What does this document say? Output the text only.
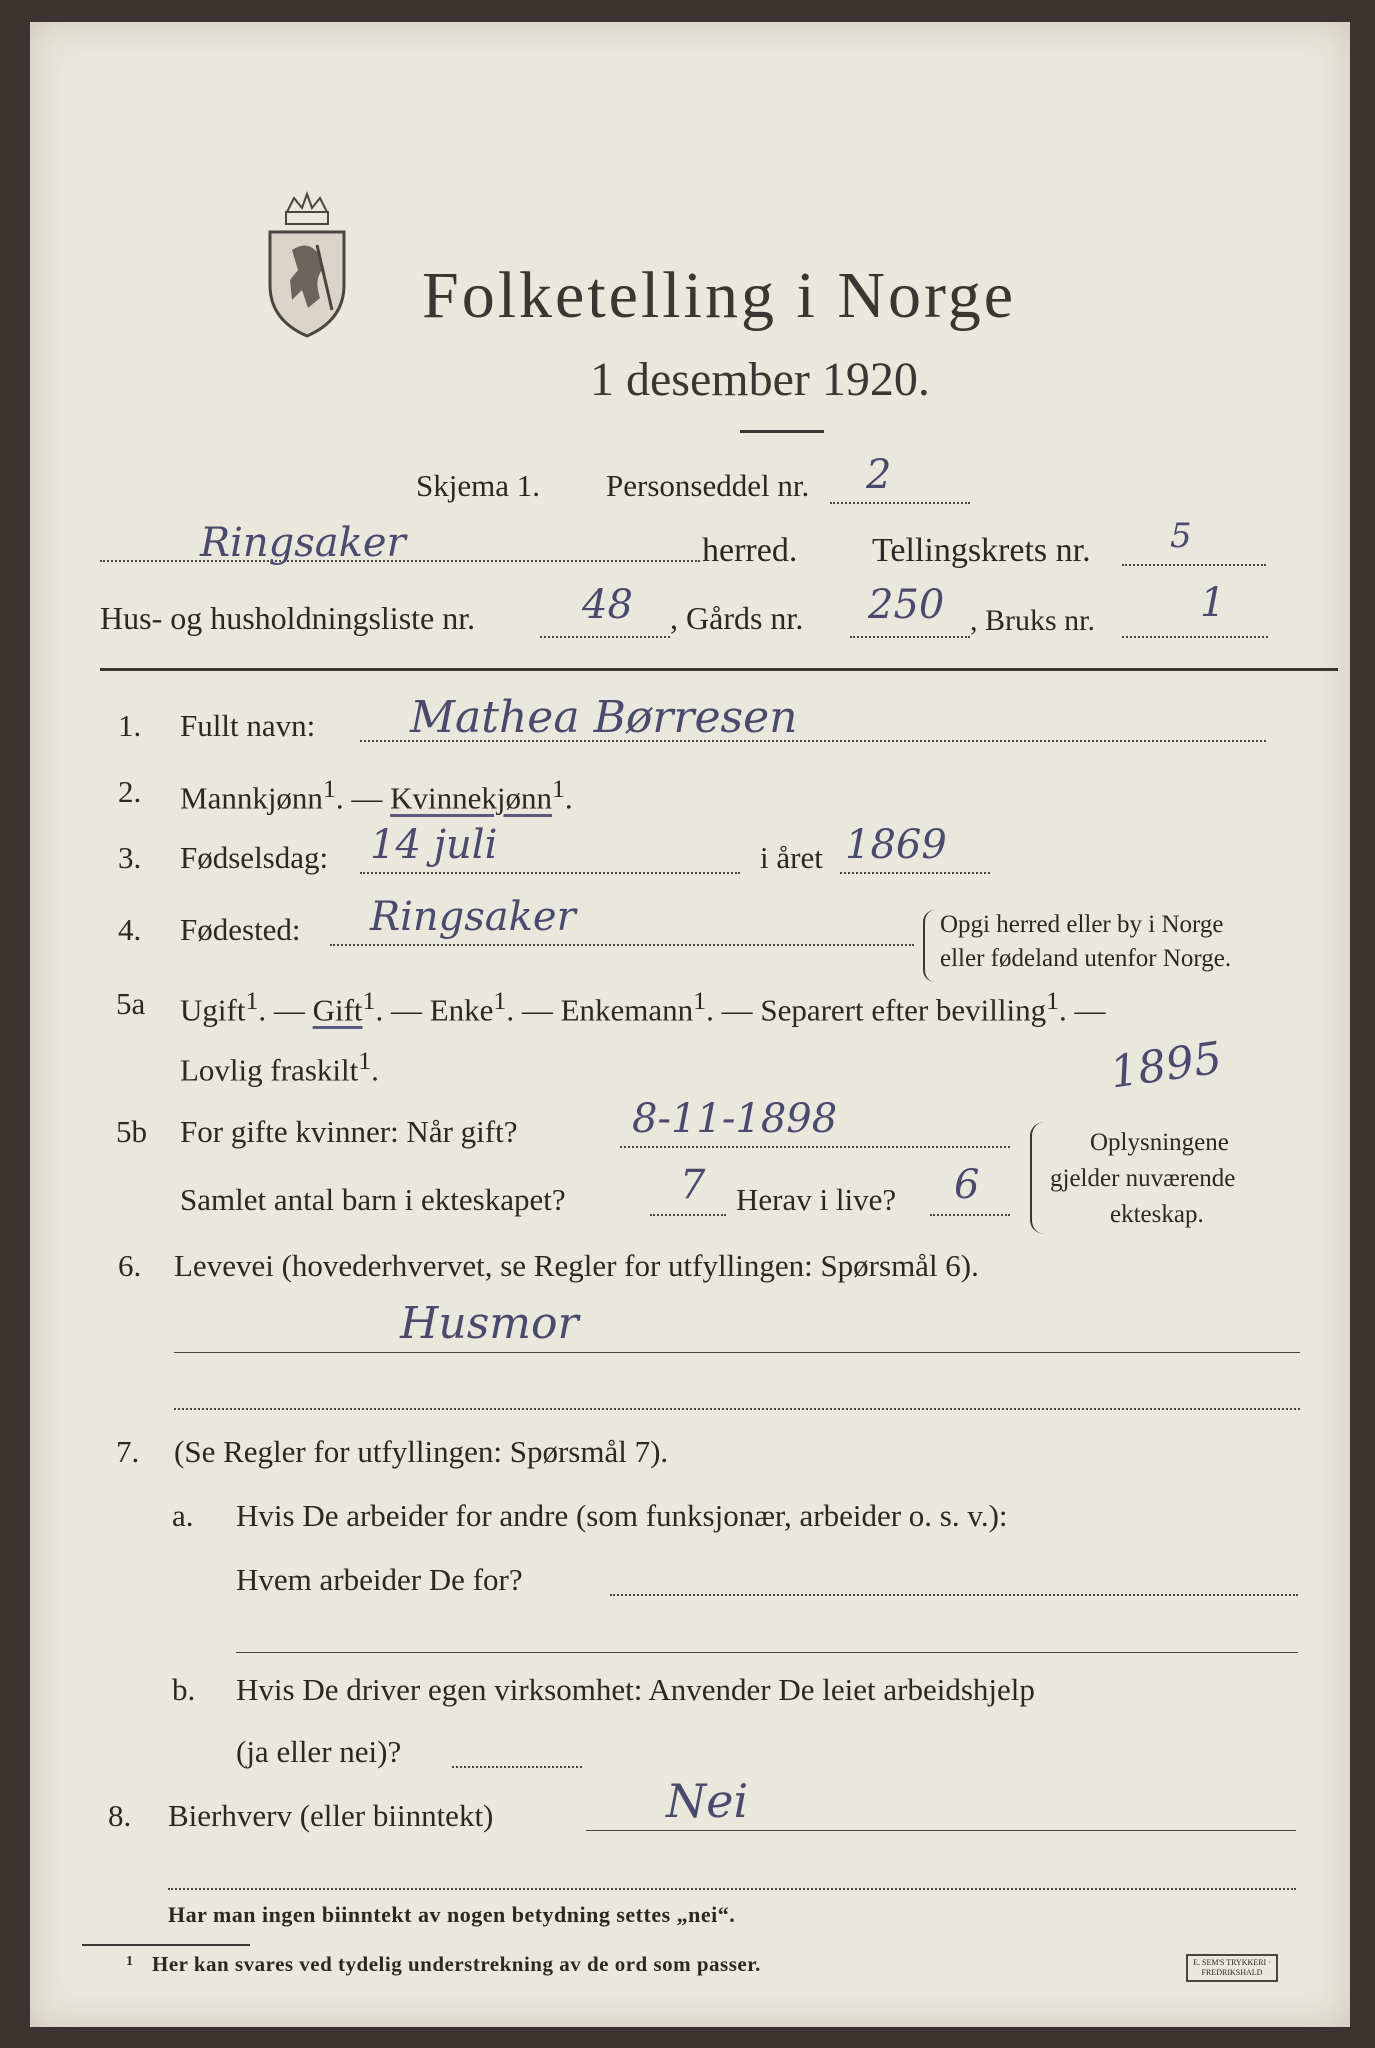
Folketelling i Norge
1 desember 1920.
Skjema 1. Personseddel nr. 2
Ringsaker	herred. Tellingskrets nr. 5
Hus- og husholdningsliste nr.	48 , Gårds nr. 250 , Bruks nr.	1
1. Fullt navn: Mathea Børresen
2. Mannkjønn$^1$. — Kvinnekjønn$^1$.
3. Fødselsdag: 14 juli	i året 1869
4. Fødested: Ringsaker	Opgi herred eller by i Norge
eller fødeland utenfor Norge.
5a Ugift$^1$. — Gift$^1$. — Enke$^1$. — Enkemann$^1$. — Separert efter bevilling$^1$. —
Lovlig fraskilt$^1$.	1895
5b For gifte kvinner: Når gift?	8-11-1898
Samlet antal barn i ekteskapet?	7 Herav i live? 6
Oplysningene
gjelder nuværende
ekteskap.
6. Levevei (hovederhvervet, se Regler for utfyllingen: Spørsmål 6).
Husmor
7. (Se Regler for utfyllingen: Spørsmål 7).
a. Hvis De arbeider for andre (som funksjonær, arbeider o. s. v.):
Hvem arbeider De for?
b. Hvis De driver egen virksomhet: Anvender De leiet arbeidshjelp
(ja eller nei)?
8. Bierhverv (eller biinntekt)	Nei
Har man ingen biinntekt av nogen betydning settes „nei“.
1 Her kan svares ved tydelig understrekning av de ord som passer.	E. SEM'S TRYKKERI · FREDRIKSHALD
